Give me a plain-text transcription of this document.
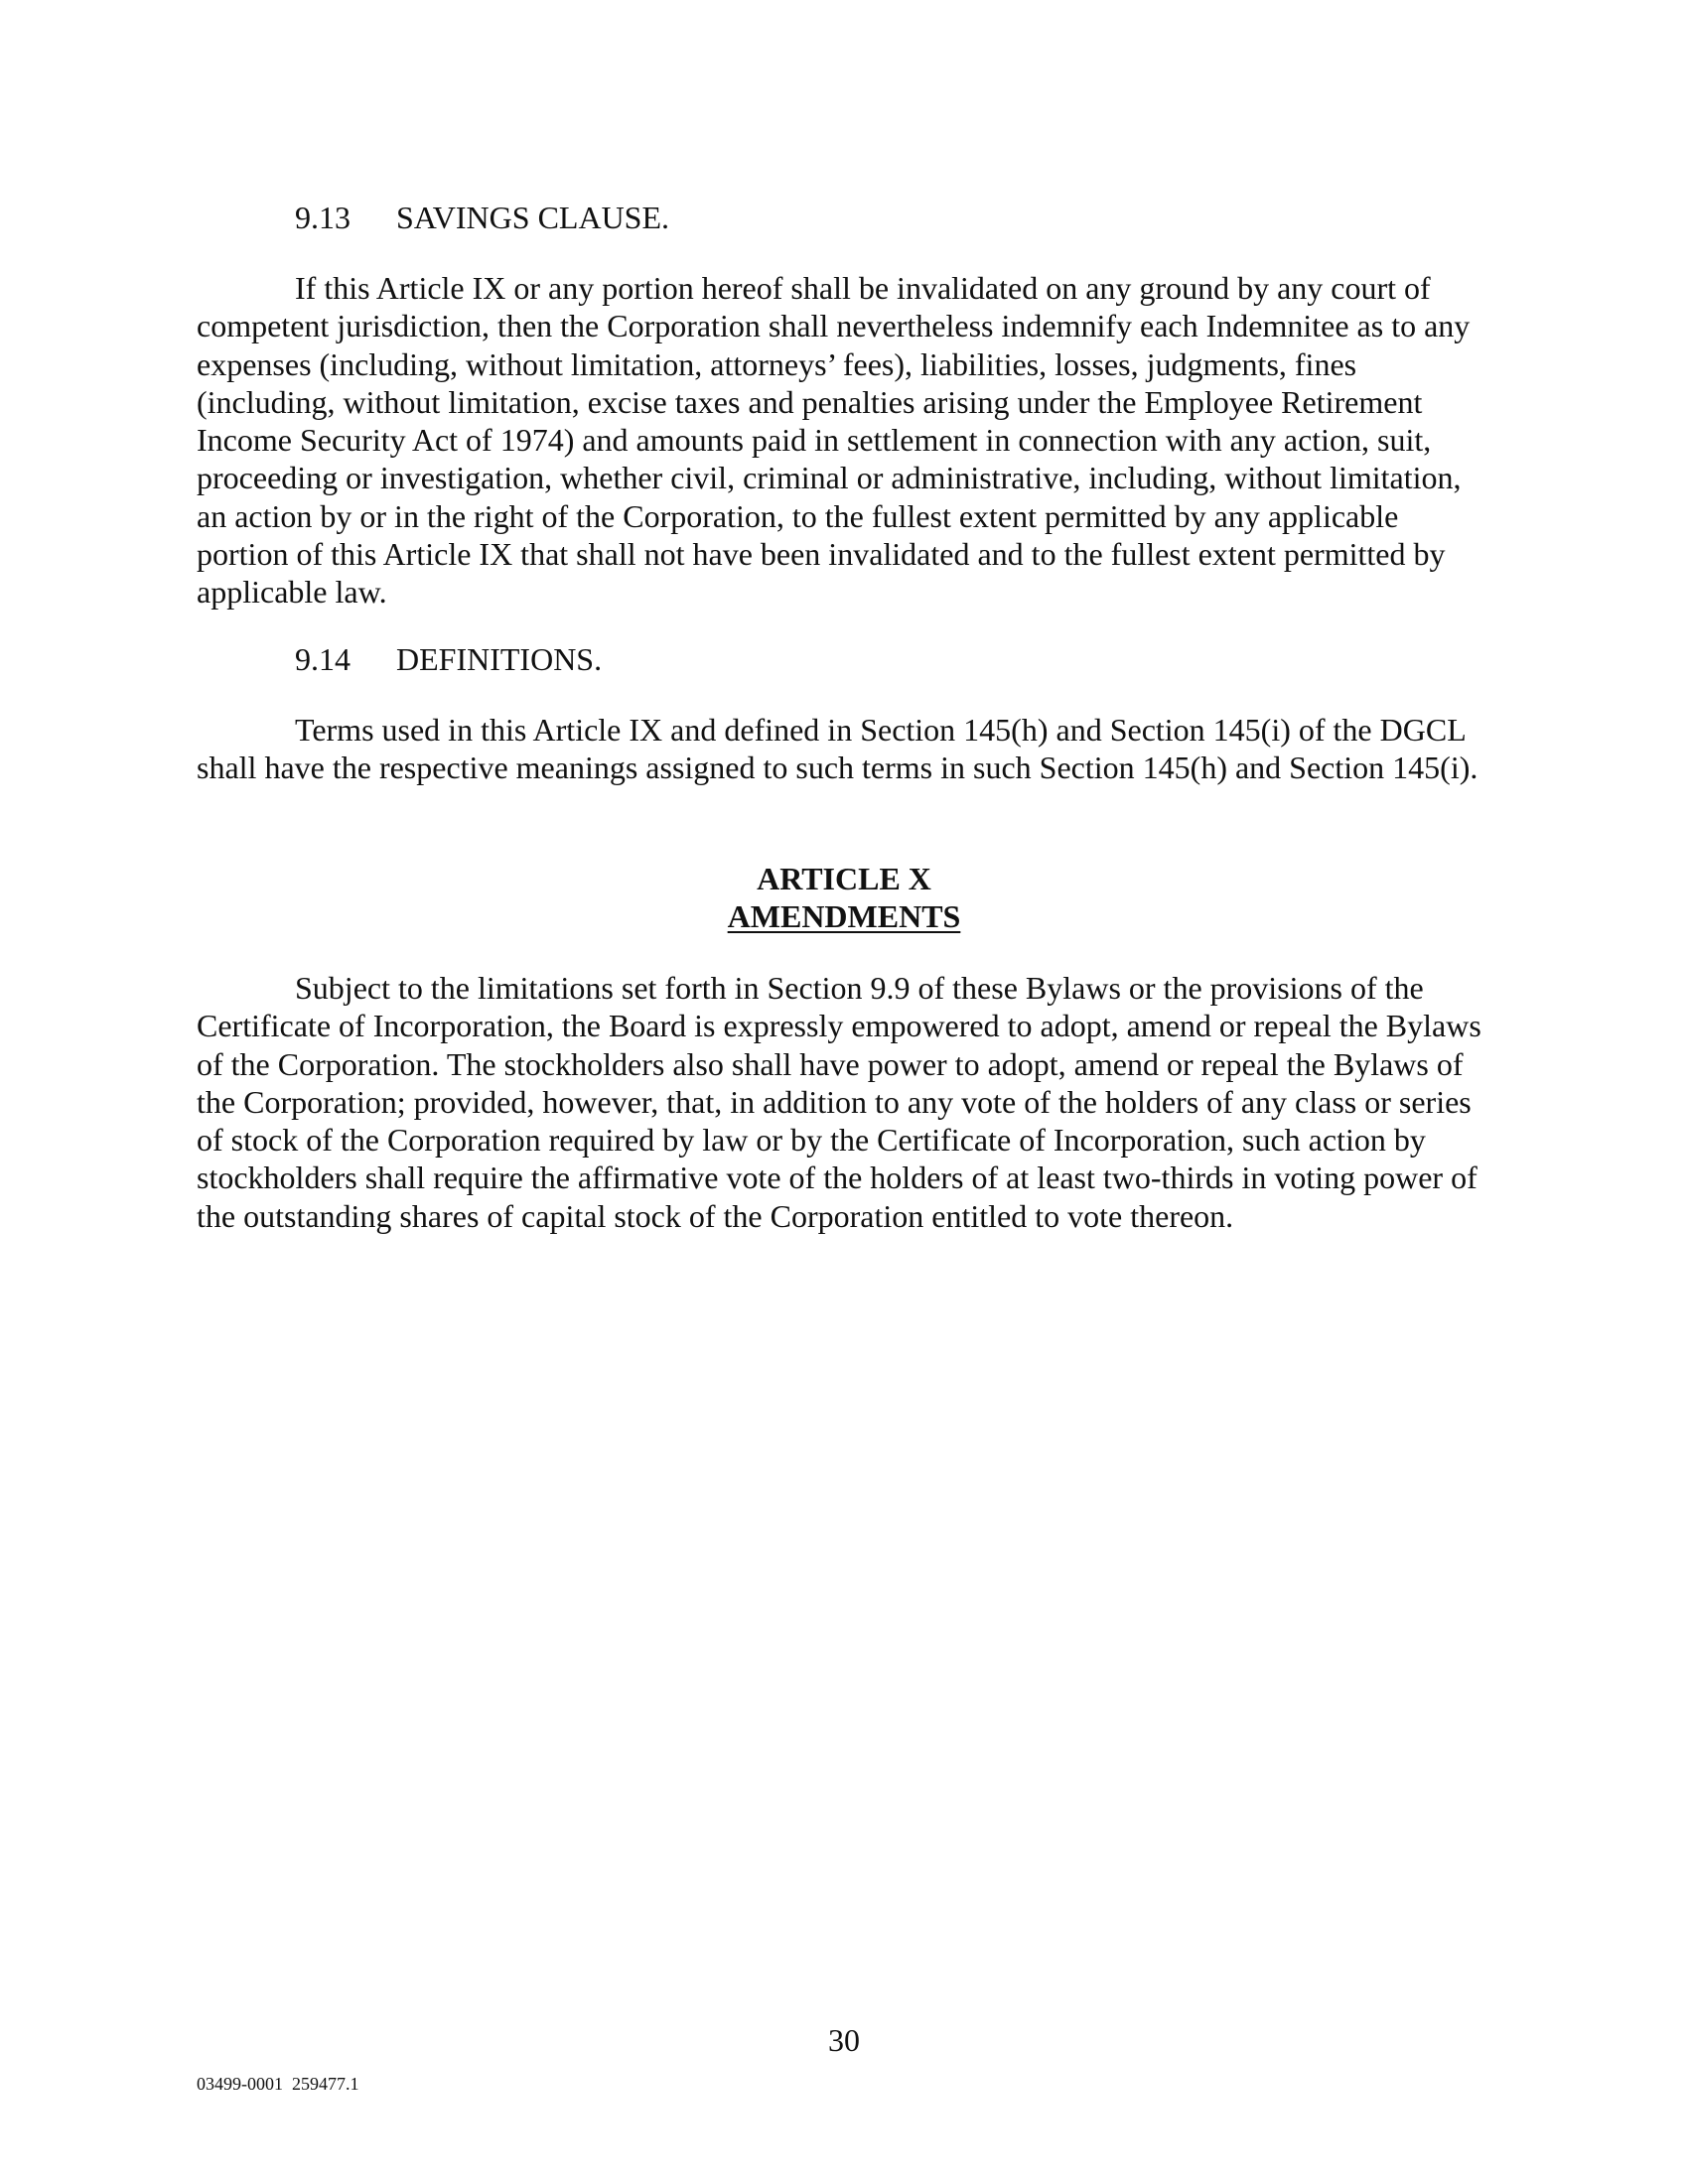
9.13 SAVINGS CLAUSE.

If this Article IX or any portion hereof shall be invalidated on any ground by any court of competent jurisdiction, then the Corporation shall nevertheless indemnify each Indemnitee as to any expenses (including, without limitation, attorneys’ fees), liabilities, losses, judgments, fines (including, without limitation, excise taxes and penalties arising under the Employee Retirement Income Security Act of 1974) and amounts paid in settlement in connection with any action, suit, proceeding or investigation, whether civil, criminal or administrative, including, without limitation, an action by or in the right of the Corporation, to the fullest extent permitted by any applicable portion of this Article IX that shall not have been invalidated and to the fullest extent permitted by applicable law.

9.14 DEFINITIONS.

Terms used in this Article IX and defined in Section 145(h) and Section 145(i) of the DGCL shall have the respective meanings assigned to such terms in such Section 145(h) and Section 145(i).

ARTICLE X

AMENDMENTS

Subject to the limitations set forth in Section 9.9 of these Bylaws or the provisions of the Certificate of Incorporation, the Board is expressly empowered to adopt, amend or repeal the Bylaws of the Corporation. The stockholders also shall have power to adopt, amend or repeal the Bylaws of the Corporation; provided, however, that, in addition to any vote of the holders of any class or series of stock of the Corporation required by law or by the Certificate of Incorporation, such action by stockholders shall require the affirmative vote of the holders of at least two-thirds in voting power of the outstanding shares of capital stock of the Corporation entitled to vote thereon.

30

03499-0001  259477.1
